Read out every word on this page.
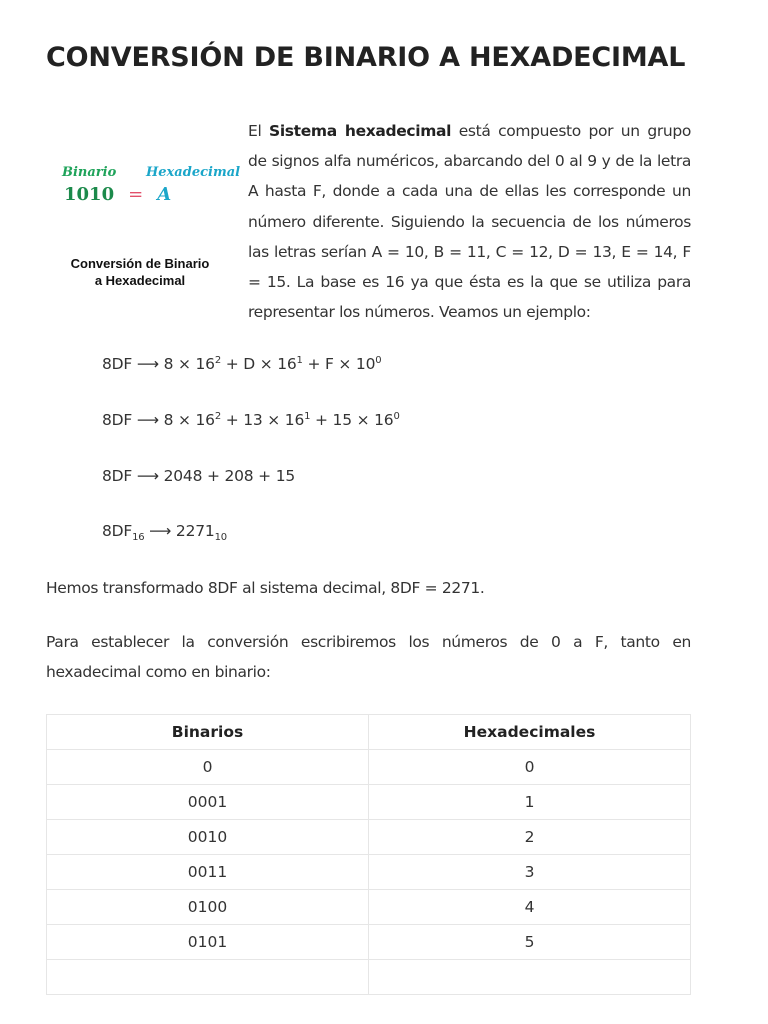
CONVERSIÓN DE BINARIO A HEXADECIMAL
Binario Hexadecimal
1010 = A
Conversión de Binario
a Hexadecimal

El Sistema hexadecimal está compuesto por un grupo de signos alfa numéricos, abarcando del 0 al 9 y de la letra A hasta F, donde a cada una de ellas les corresponde un número diferente. Siguiendo la secuencia de los números las letras serían A = 10, B = 11, C = 12, D = 13, E = 14, F = 15. La base es 16 ya que ésta es la que se utiliza para representar los números. Veamos un ejemplo:

8DF ⟶ $8 \times 16^2 + D \times 16^1 + F \times 10^0$
8DF ⟶ $8 \times 16^2 + 13 \times 16^1 + 15 \times 16^0$
8DF ⟶ 2048 + 208 + 15
$8DF_{16}$ ⟶ $2271_{10}$

Hemos transformado 8DF al sistema decimal, 8DF = 2271.

Para establecer la conversión escribiremos los números de 0 a F, tanto en hexadecimal como en binario:

Binarios	Hexadecimales
0	0
0001	1
0010	2
0011	3
0100	4
0101	5
